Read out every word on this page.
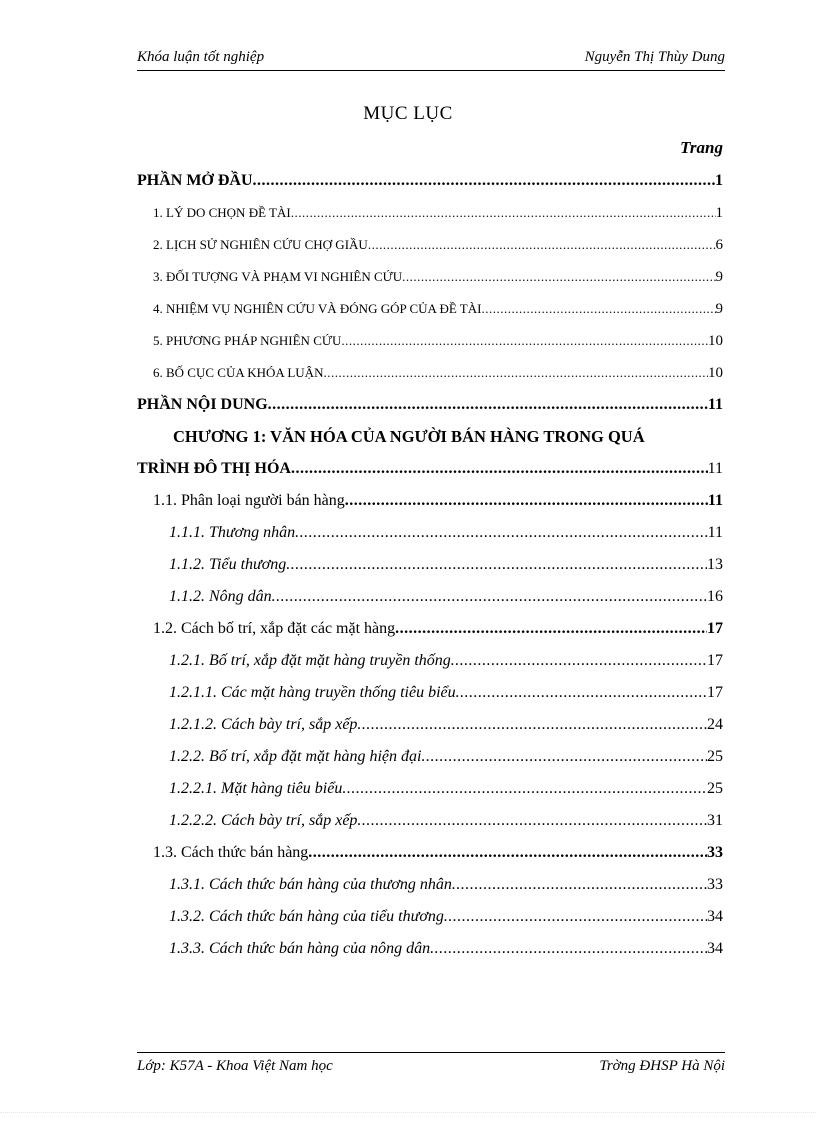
Khóa luận tốt nghiệp	Nguyễn Thị Thùy Dung
MỤC LỤC
Trang
PHẦN MỞ ĐẦU .....	1
1. LÝ DO CHỌN ĐỀ TÀI .....	1
2. LỊCH SỬ NGHIÊN CỨU CHỢ GIẦU .....	6
3. ĐỐI TƯỢNG VÀ PHẠM VI NGHIÊN CỨU .....	9
4. NHIỆM VỤ NGHIÊN CỨU VÀ ĐÓNG GÓP CỦA ĐỀ TÀI .....	9
5. PHƯƠNG PHÁP NGHIÊN CỨU .....	10
6. BỐ CỤC CỦA KHÓA LUẬN .....	10
PHẦN NỘI DUNG .....	11
CHƯƠNG 1: VĂN HÓA CỦA NGƯỜI BÁN HÀNG TRONG QUÁ
TRÌNH ĐÔ THỊ HÓA .....	11
1.1. Phân loại người bán hàng .....	11
1.1.1. Thương nhân .....	11
1.1.2. Tiểu thương .....	13
1.1.2. Nông dân .....	16
1.2. Cách bố trí, xắp đặt các mặt hàng .....	17
1.2.1. Bố trí, xắp đặt mặt hàng truyền thống .....	17
1.2.1.1. Các mặt hàng truyền thống tiêu biểu .....	17
1.2.1.2. Cách bày trí, sắp xếp .....	24
1.2.2. Bố trí, xắp đặt mặt hàng hiện đại .....	25
1.2.2.1. Mặt hàng tiêu biểu .....	25
1.2.2.2. Cách bày trí, sắp xếp .....	31
1.3. Cách thức bán hàng .....	33
1.3.1. Cách thức bán hàng của thương nhân .....	33
1.3.2. Cách thức bán hàng của tiểu thương .....	34
1.3.3. Cách thức bán hàng của nông dân .....	34
Lớp: K57A - Khoa Việt Nam học	Trờng ĐHSP Hà Nội
